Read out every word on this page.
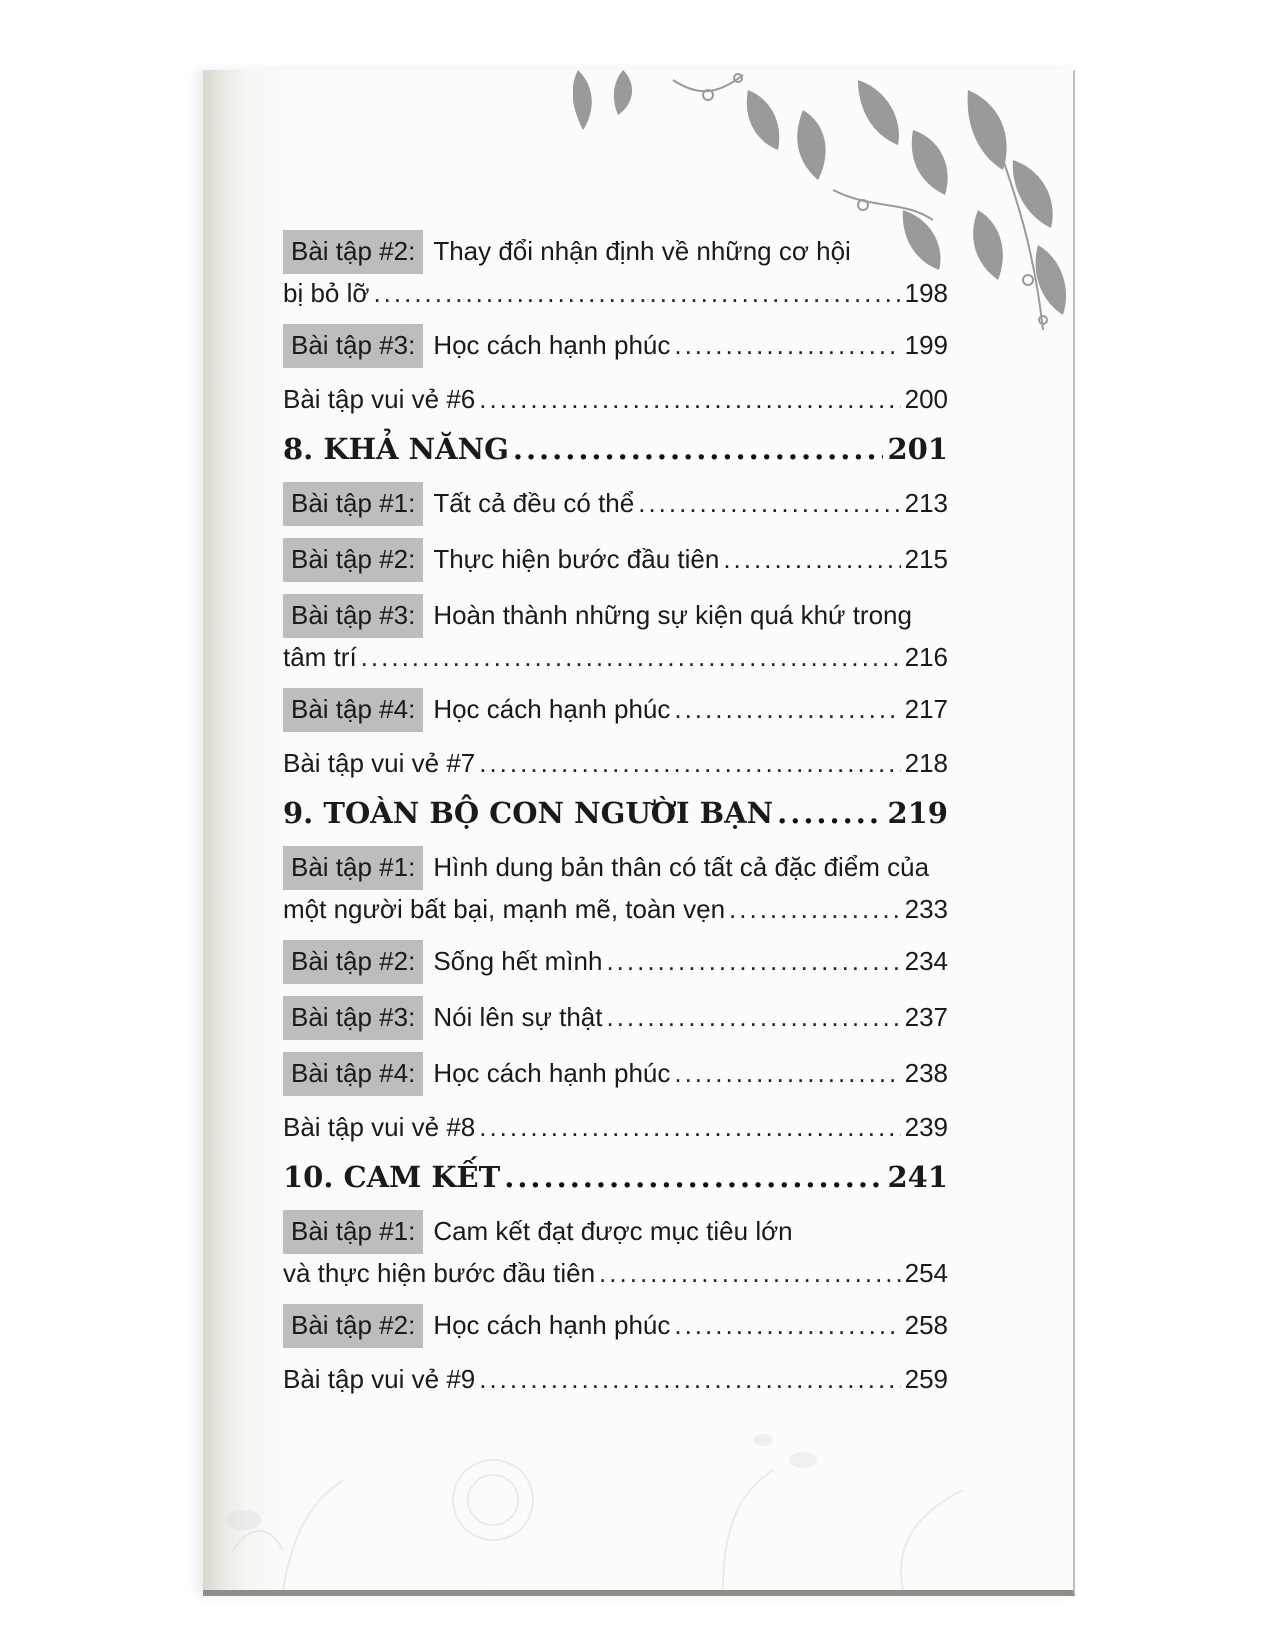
Bài tập #2: Thay đổi nhận định về những cơ hội
bị bỏ lỡ .....	198
Bài tập #3: Học cách hạnh phúc .....	199
Bài tập vui vẻ #6 .....	200
8. KHẢ NĂNG .....	201
Bài tập #1: Tất cả đều có thể .....	213
Bài tập #2: Thực hiện bước đầu tiên .....	215
Bài tập #3: Hoàn thành những sự kiện quá khứ trong
tâm trí .....	216
Bài tập #4: Học cách hạnh phúc .....	217
Bài tập vui vẻ #7 .....	218
9. TOÀN BỘ CON NGƯỜI BẠN .....	219
Bài tập #1: Hình dung bản thân có tất cả đặc điểm của
một người bất bại, mạnh mẽ, toàn vẹn .....	233
Bài tập #2: Sống hết mình .....	234
Bài tập #3: Nói lên sự thật .....	237
Bài tập #4: Học cách hạnh phúc .....	238
Bài tập vui vẻ #8 .....	239
10. CAM KẾT .....	241
Bài tập #1: Cam kết đạt được mục tiêu lớn
và thực hiện bước đầu tiên .....	254
Bài tập #2: Học cách hạnh phúc .....	258
Bài tập vui vẻ #9 .....	259
